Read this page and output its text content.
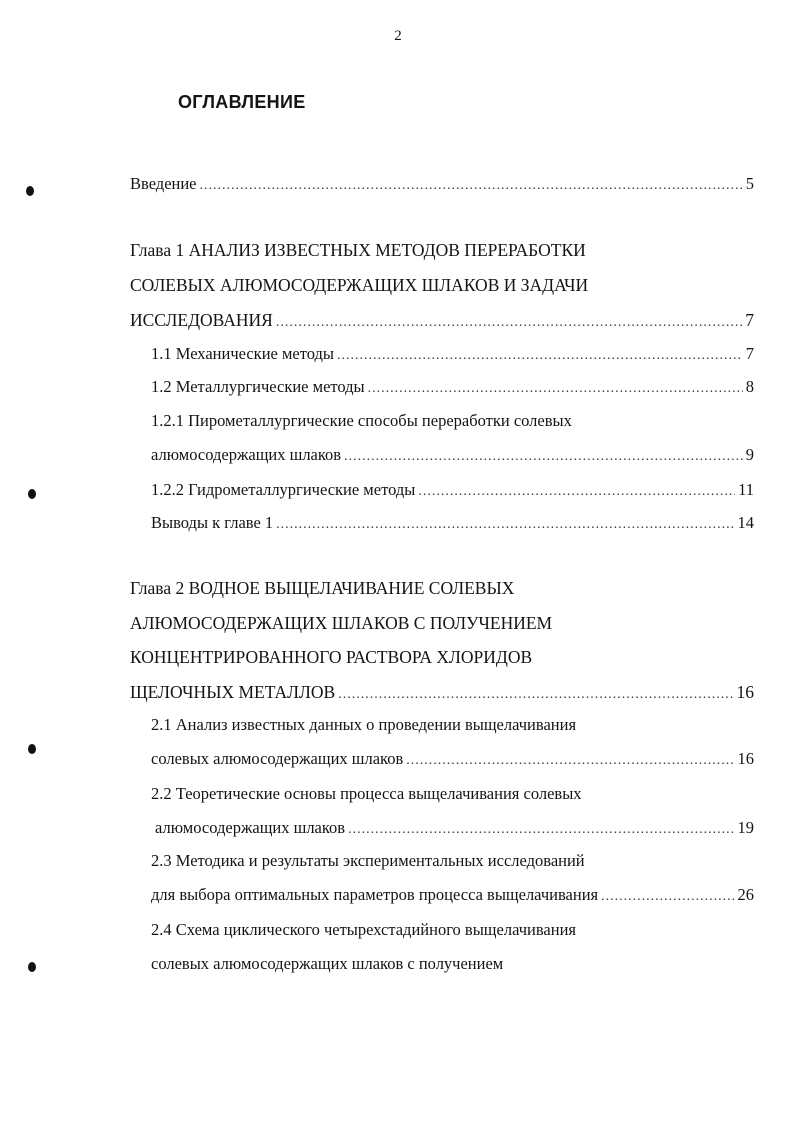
2
ОГЛАВЛЕНИЕ
Введение .....	5
Глава 1 АНАЛИЗ ИЗВЕСТНЫХ МЕТОДОВ ПЕРЕРАБОТКИ
СОЛЕВЫХ АЛЮМОСОДЕРЖАЩИХ ШЛАКОВ И ЗАДАЧИ
ИССЛЕДОВАНИЯ .....	7
1.1 Механические методы .....	7
1.2 Металлургические методы .....	8
1.2.1 Пирометаллургические способы переработки солевых
алюмосодержащих шлаков .....	9
1.2.2 Гидрометаллургические методы .....	11
Выводы к главе 1 .....	14
Глава 2 ВОДНОЕ ВЫЩЕЛАЧИВАНИЕ СОЛЕВЫХ
АЛЮМОСОДЕРЖАЩИХ ШЛАКОВ С ПОЛУЧЕНИЕМ
КОНЦЕНТРИРОВАННОГО РАСТВОРА ХЛОРИДОВ
ЩЕЛОЧНЫХ МЕТАЛЛОВ .....	16
2.1 Анализ известных данных о проведении выщелачивания
солевых алюмосодержащих шлаков .....	16
2.2 Теоретические основы процесса выщелачивания солевых
алюмосодержащих шлаков .....	19
2.3 Методика и результаты экспериментальных исследований
для выбора оптимальных параметров процесса выщелачивания .....	26
2.4 Схема циклического четырехстадийного выщелачивания
солевых алюмосодержащих шлаков с получением
